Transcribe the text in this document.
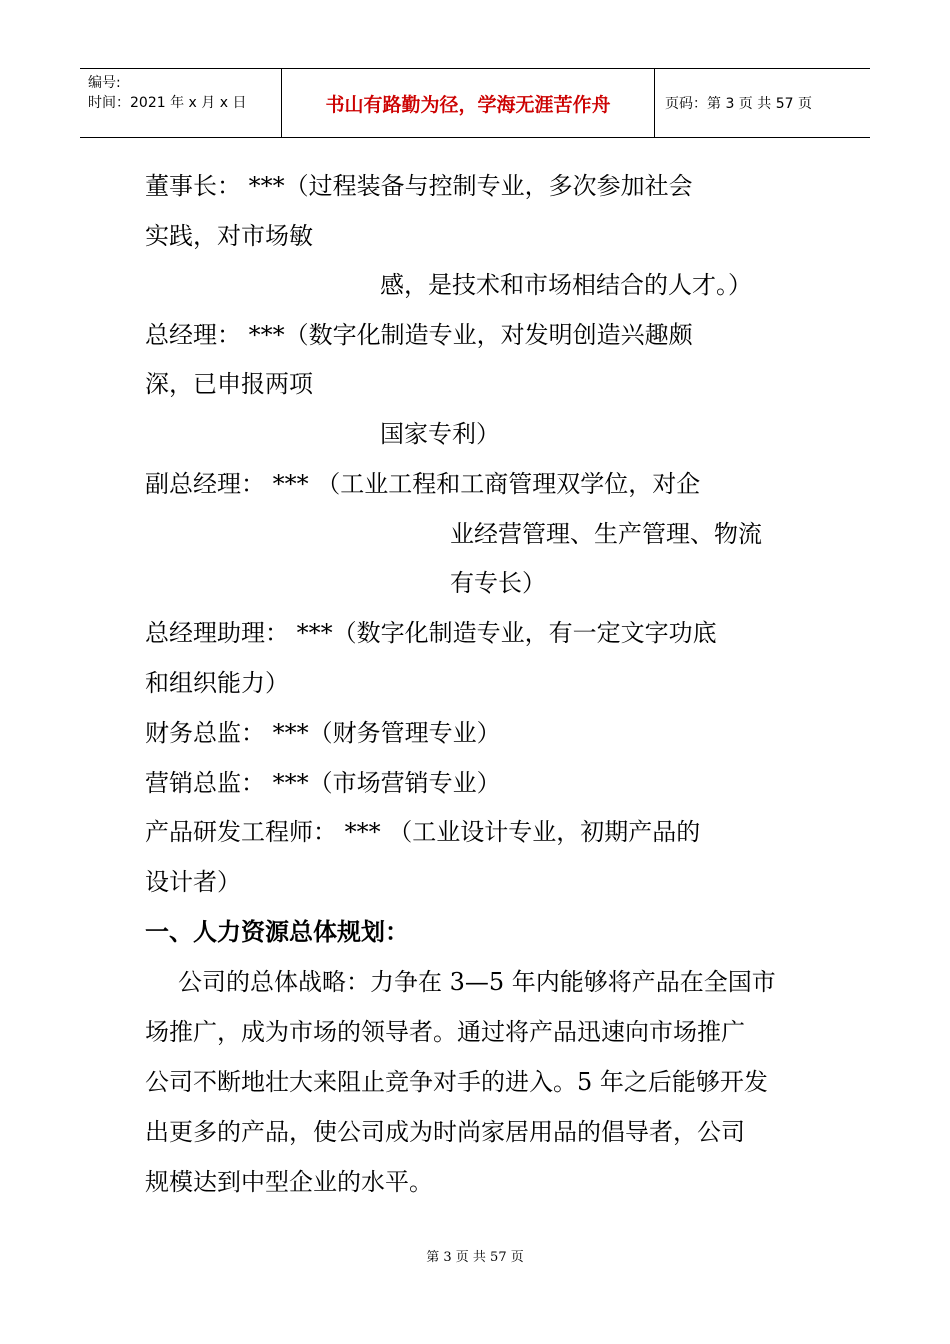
编号:
时间：2021 年 x 月 x 日	书山有路勤为径，学海无涯苦作舟	页码：第 3 页 共 57 页
董事长： ***（过程装备与控制专业，多次参加社会
实践，对市场敏
感，是技术和市场相结合的人才。）
总经理： ***（数字化制造专业，对发明创造兴趣颇
深，已申报两项
国家专利）
副总经理： *** （工业工程和工商管理双学位，对企
业经营管理、生产管理、物流
有专长）
总经理助理： ***（数字化制造专业，有一定文字功底
和组织能力）
财务总监： ***（财务管理专业）
营销总监： ***（市场营销专业）
产品研发工程师： *** （工业设计专业，初期产品的
设计者）
一、人力资源总体规划：
公司的总体战略：力争在 3—5 年内能够将产品在全国市
场推广，成为市场的领导者。通过将产品迅速向市场推广
公司不断地壮大来阻止竞争对手的进入。5 年之后能够开发
出更多的产品，使公司成为时尚家居用品的倡导者，公司
规模达到中型企业的水平。
第 3 页 共 57 页
